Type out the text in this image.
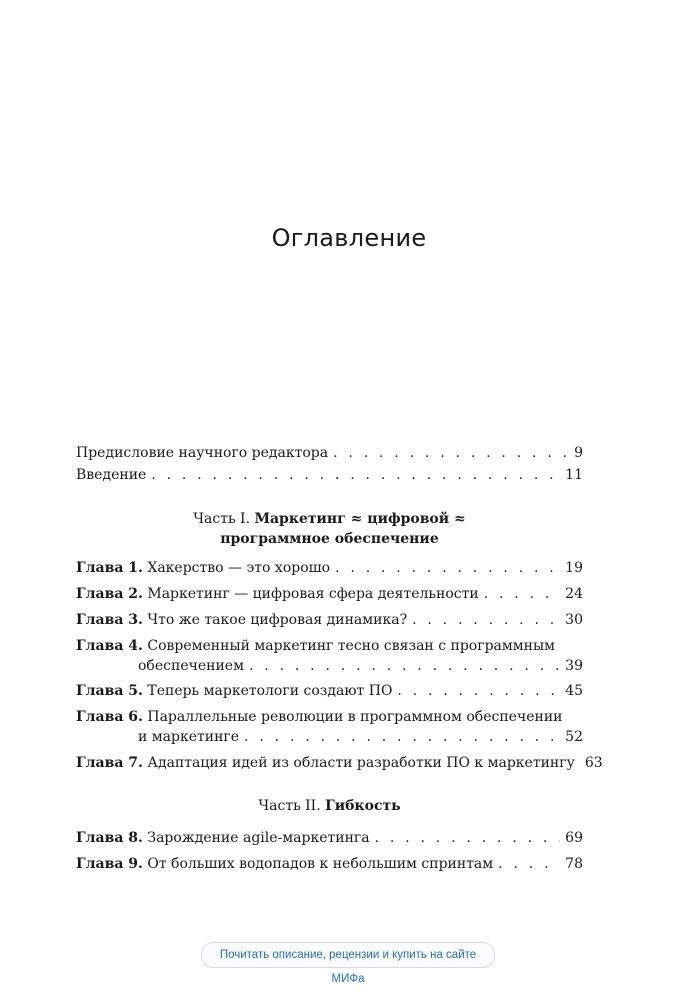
Оглавление
Предисловие научного редактора . . .	9
Введение . . .	11
Часть I. Маркетинг ≈ цифровой ≈
программное обеспечение
Глава 1. Хакерство — это хорошо . . .	19
Глава 2. Маркетинг — цифровая сфера деятельности . . .	24
Глава 3. Что же такое цифровая динамика? . . .	30
Глава 4. Современный маркетинг тесно связан с программным
обеспечением . . .	39
Глава 5. Теперь маркетологи создают ПО . . .	45
Глава 6. Параллельные революции в программном обеспечении
и маркетинге . . .	52
Глава 7. Адаптация идей из области разработки ПО к маркетингу 63
Часть II. Гибкость
Глава 8. Зарождение agile-маркетинга . . .	69
Глава 9. От больших водопадов к небольшим спринтам . . .	78
Почитать описание, рецензии и купить на сайте МИФа
